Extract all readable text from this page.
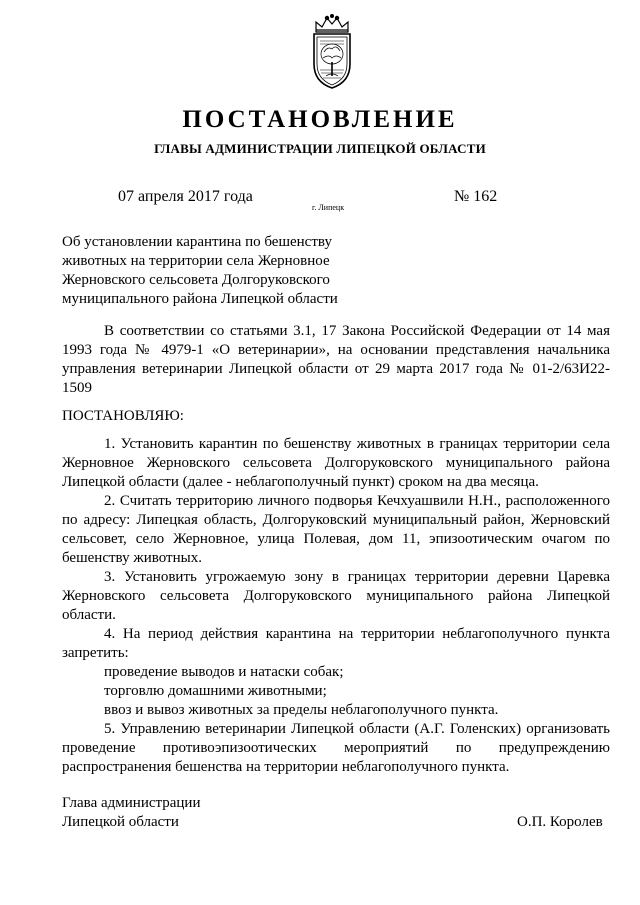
ПОСТАНОВЛЕНИЕ
ГЛАВЫ АДМИНИСТРАЦИИ ЛИПЕЦКОЙ ОБЛАСТИ
07 апреля 2017 года
г. Липецк
№ 162
Об установлении карантина по бешенству
животных на территории села Жерновное
Жерновского сельсовета Долгоруковского
муниципального района Липецкой области

В соответствии со статьями 3.1, 17 Закона Российской Федерации от 14 мая 1993 года № 4979-1 «О ветеринарии», на основании представления начальника управления ветеринарии Липецкой области от 29 марта 2017 года № 01-2/63И22-1509

ПОСТАНОВЛЯЮ:

1. Установить карантин по бешенству животных в границах территории села Жерновное Жерновского сельсовета Долгоруковского муниципального района Липецкой области (далее - неблагополучный пункт) сроком на два месяца.

2. Считать территорию личного подворья Кечхуашвили Н.Н., расположенного по адресу: Липецкая область, Долгоруковский муниципальный район, Жерновский сельсовет, село Жерновное, улица Полевая, дом 11, эпизоотическим очагом по бешенству животных.

3. Установить угрожаемую зону в границах территории деревни Царевка Жерновского сельсовета Долгоруковского муниципального района Липецкой области.

4. На период действия карантина на территории неблагополучного пункта запретить:

проведение выводов и натаски собак;

торговлю домашними животными;

ввоз и вывоз животных за пределы неблагополучного пункта.

5. Управлению ветеринарии Липецкой области (А.Г. Голенских) организовать проведение противоэпизоотических мероприятий по предупреждению распространения бешенства на территории неблагополучного пункта.

Глава администрации
Липецкой области	О.П. Королев
